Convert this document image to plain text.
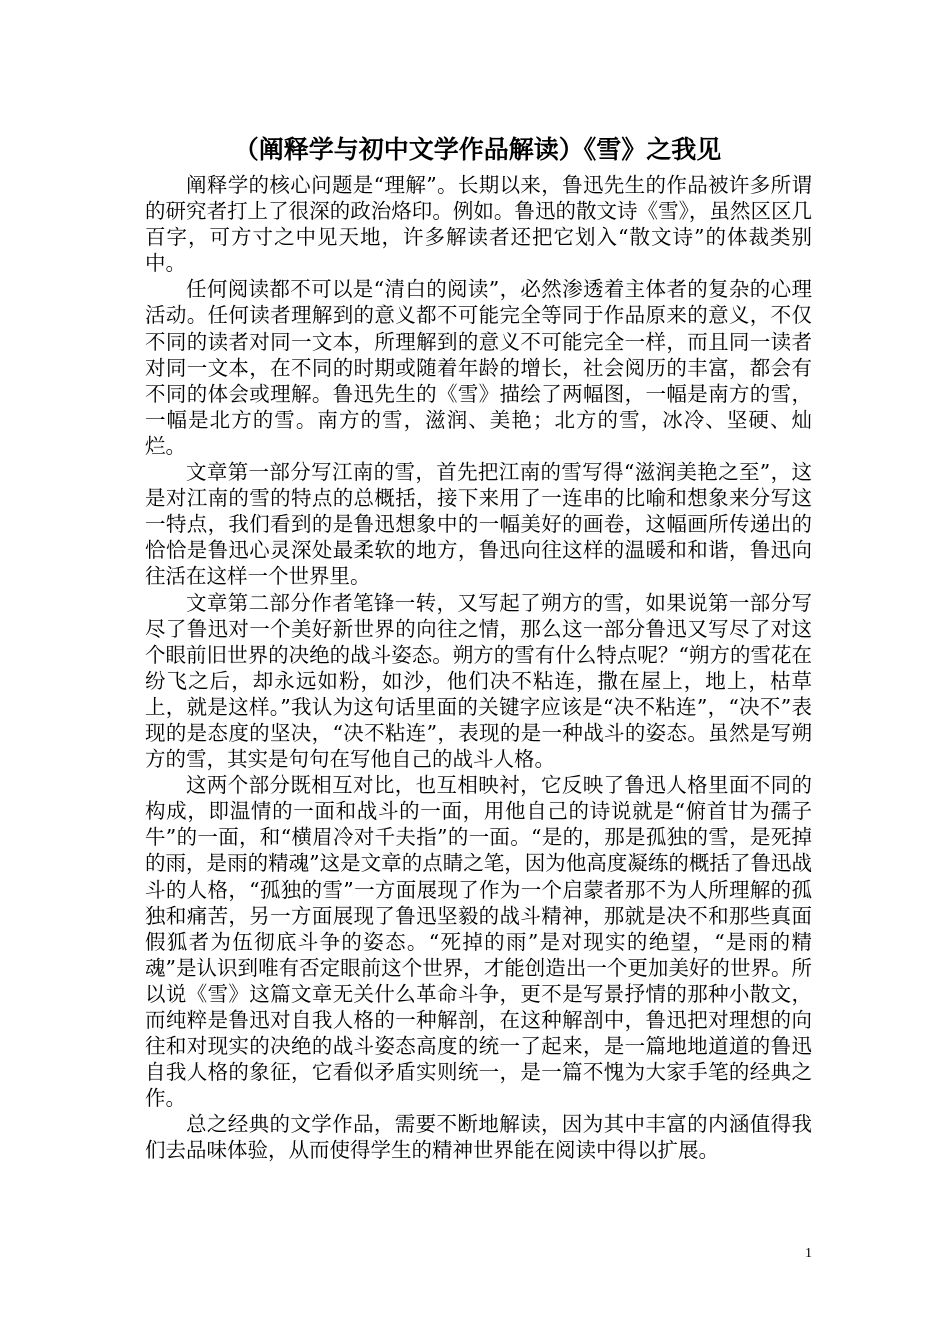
（阐释学与初中文学作品解读）《雪》之我见

阐释学的核心问题是“理解”。长期以来，鲁迅先生的作品被许多所谓的研究者打上了很深的政治烙印。例如。鲁迅的散文诗《雪》，虽然区区几百字，可方寸之中见天地，许多解读者还把它划入“散文诗”的体裁类别中。

任何阅读都不可以是“清白的阅读”，必然渗透着主体者的复杂的心理活动。任何读者理解到的意义都不可能完全等同于作品原来的意义，不仅不同的读者对同一文本，所理解到的意义不可能完全一样，而且同一读者对同一文本，在不同的时期或随着年龄的增长，社会阅历的丰富，都会有不同的体会或理解。鲁迅先生的《雪》描绘了两幅图，一幅是南方的雪，一幅是北方的雪。南方的雪，滋润、美艳；北方的雪，冰冷、坚硬、灿烂。

文章第一部分写江南的雪，首先把江南的雪写得“滋润美艳之至”，这是对江南的雪的特点的总概括，接下来用了一连串的比喻和想象来分写这一特点，我们看到的是鲁迅想象中的一幅美好的画卷，这幅画所传递出的恰恰是鲁迅心灵深处最柔软的地方，鲁迅向往这样的温暖和和谐，鲁迅向往活在这样一个世界里。

文章第二部分作者笔锋一转，又写起了朔方的雪，如果说第一部分写尽了鲁迅对一个美好新世界的向往之情，那么这一部分鲁迅又写尽了对这个眼前旧世界的决绝的战斗姿态。朔方的雪有什么特点呢？“朔方的雪花在纷飞之后，却永远如粉，如沙，他们决不粘连，撒在屋上，地上，枯草上，就是这样。”我认为这句话里面的关键字应该是“决不粘连”，“决不”表现的是态度的坚决，“决不粘连”，表现的是一种战斗的姿态。虽然是写朔方的雪，其实是句句在写他自己的战斗人格。

这两个部分既相互对比，也互相映衬，它反映了鲁迅人格里面不同的构成，即温情的一面和战斗的一面，用他自己的诗说就是“俯首甘为孺子牛”的一面，和“横眉冷对千夫指”的一面。“是的，那是孤独的雪，是死掉的雨，是雨的精魂”这是文章的点睛之笔，因为他高度凝练的概括了鲁迅战斗的人格，“孤独的雪”一方面展现了作为一个启蒙者那不为人所理解的孤独和痛苦，另一方面展现了鲁迅坚毅的战斗精神，那就是决不和那些真面假狐者为伍彻底斗争的姿态。“死掉的雨”是对现实的绝望，“是雨的精魂”是认识到唯有否定眼前这个世界，才能创造出一个更加美好的世界。所以说《雪》这篇文章无关什么革命斗争，更不是写景抒情的那种小散文，而纯粹是鲁迅对自我人格的一种解剖，在这种解剖中，鲁迅把对理想的向往和对现实的决绝的战斗姿态高度的统一了起来，是一篇地地道道的鲁迅自我人格的象征，它看似矛盾实则统一，是一篇不愧为大家手笔的经典之作。

总之经典的文学作品，需要不断地解读，因为其中丰富的内涵值得我们去品味体验，从而使得学生的精神世界能在阅读中得以扩展。

1
